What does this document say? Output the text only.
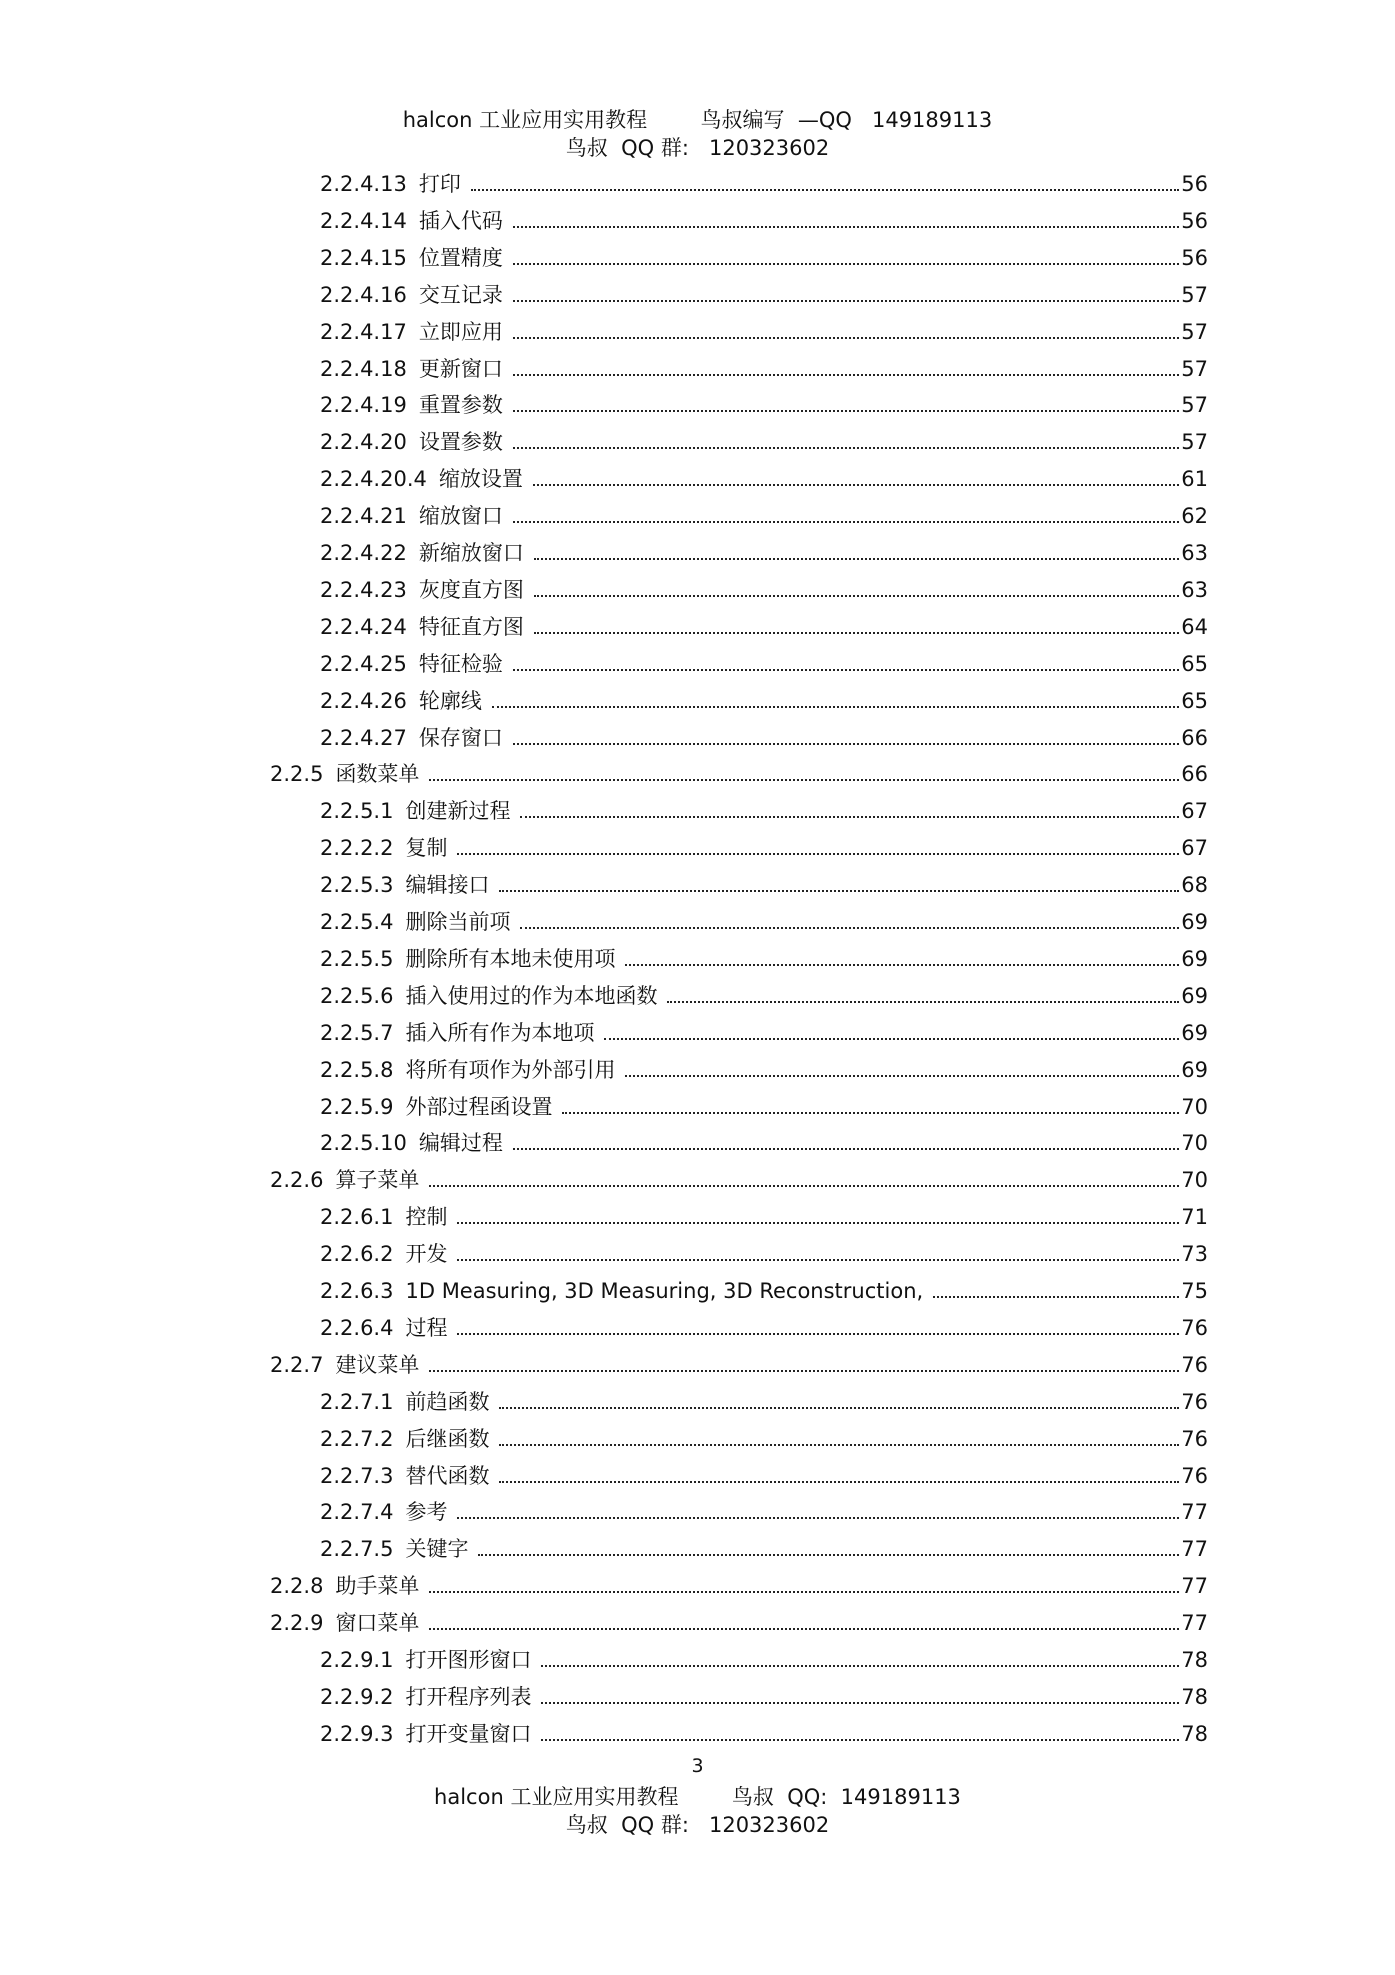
halcon 工业应用实用教程        鸟叔编写  —QQ   149189113
鸟叔  QQ 群:   120323602
2.2.4.13 打印	56
2.2.4.14 插入代码	56
2.2.4.15 位置精度	56
2.2.4.16 交互记录	57
2.2.4.17 立即应用	57
2.2.4.18 更新窗口	57
2.2.4.19 重置参数	57
2.2.4.20 设置参数	57
2.2.4.20.4 缩放设置	61
2.2.4.21 缩放窗口	62
2.2.4.22 新缩放窗口	63
2.2.4.23 灰度直方图	63
2.2.4.24 特征直方图	64
2.2.4.25 特征检验	65
2.2.4.26 轮廓线	65
2.2.4.27 保存窗口	66
2.2.5 函数菜单	66
2.2.5.1 创建新过程	67
2.2.2.2 复制	67
2.2.5.3 编辑接口	68
2.2.5.4 删除当前项	69
2.2.5.5 删除所有本地未使用项	69
2.2.5.6 插入使用过的作为本地函数	69
2.2.5.7 插入所有作为本地项	69
2.2.5.8 将所有项作为外部引用	69
2.2.5.9 外部过程函设置	70
2.2.5.10 编辑过程	70
2.2.6 算子菜单	70
2.2.6.1 控制	71
2.2.6.2 开发	73
2.2.6.3 1D Measuring, 3D Measuring, 3D Reconstruction,	75
2.2.6.4 过程	76
2.2.7 建议菜单	76
2.2.7.1 前趋函数	76
2.2.7.2 后继函数	76
2.2.7.3 替代函数	76
2.2.7.4 参考	77
2.2.7.5 关键字	77
2.2.8 助手菜单	77
2.2.9 窗口菜单	77
2.2.9.1 打开图形窗口	78
2.2.9.2 打开程序列表	78
2.2.9.3 打开变量窗口	78
3
halcon 工业应用实用教程        鸟叔  QQ:  149189113
鸟叔  QQ 群:   120323602
